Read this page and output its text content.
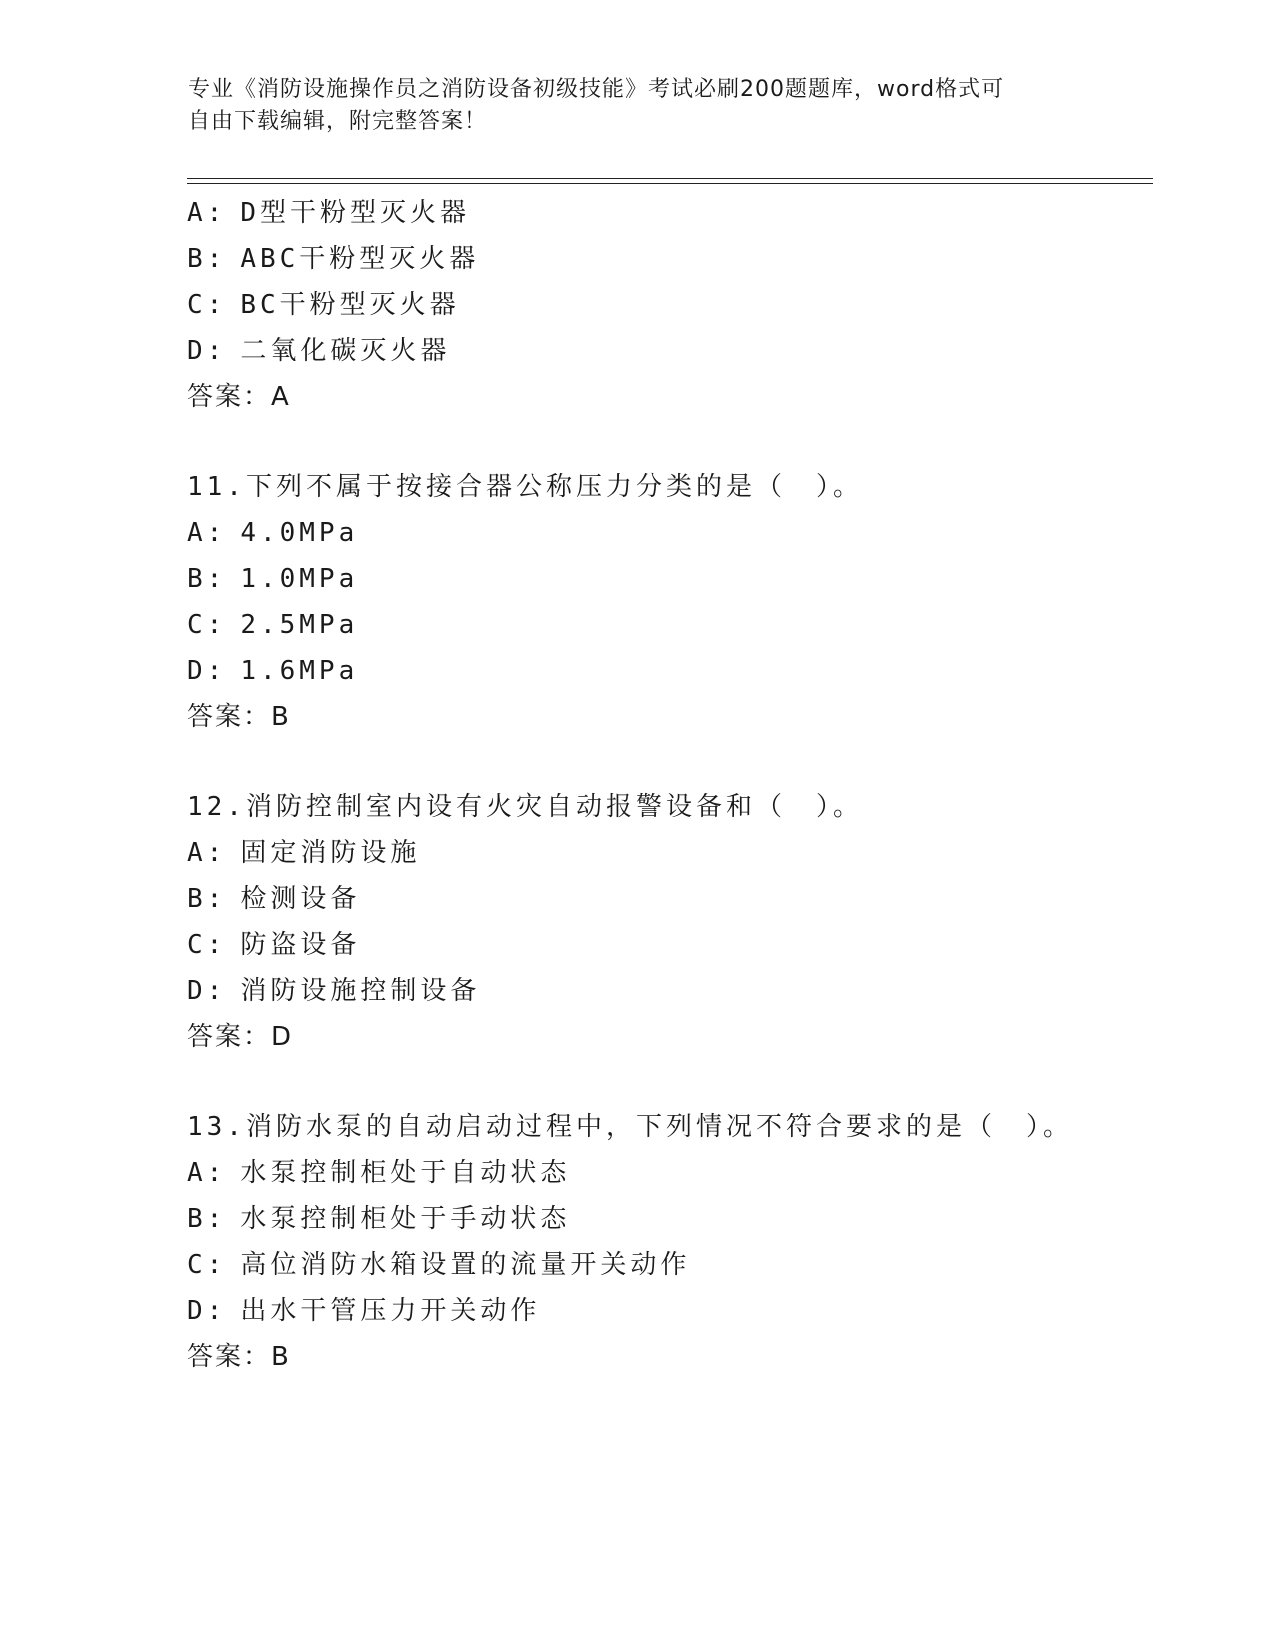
专业《消防设施操作员之消防设备初级技能》考试必刷200题题库，word格式可
自由下载编辑，附完整答案！
A: D型干粉型灭火器
B: ABC干粉型灭火器
C: BC干粉型灭火器
D: 二氧化碳灭火器
答案：A
11.下列不属于按接合器公称压力分类的是（　）。
A: 4.0MPa
B: 1.0MPa
C: 2.5MPa
D: 1.6MPa
答案：B
12.消防控制室内设有火灾自动报警设备和（　）。
A: 固定消防设施
B: 检测设备
C: 防盗设备
D: 消防设施控制设备
答案：D
13.消防水泵的自动启动过程中，下列情况不符合要求的是（　）。
A: 水泵控制柜处于自动状态
B: 水泵控制柜处于手动状态
C: 高位消防水箱设置的流量开关动作
D: 出水干管压力开关动作
答案：B
